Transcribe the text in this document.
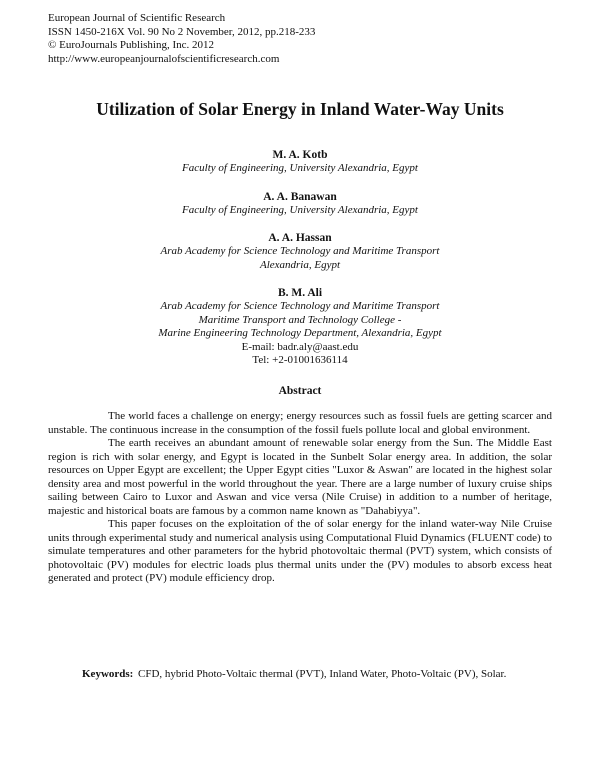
European Journal of Scientific Research
ISSN 1450-216X Vol. 90 No 2 November, 2012, pp.218-233
© EuroJournals Publishing, Inc. 2012
http://www.europeanjournalofscientificresearch.com
Utilization of Solar Energy in Inland Water-Way Units
M. A. Kotb
Faculty of Engineering, University Alexandria, Egypt
A. A. Banawan
Faculty of Engineering, University Alexandria, Egypt
A. A. Hassan
Arab Academy for Science Technology and Maritime Transport
Alexandria, Egypt
B. M. Ali
Arab Academy for Science Technology and Maritime Transport
Maritime Transport and Technology College -
Marine Engineering Technology Department, Alexandria, Egypt
E-mail: badr.aly@aast.edu
Tel: +2-01001636114
Abstract

The world faces a challenge on energy; energy resources such as fossil fuels are getting scarcer and unstable. The continuous increase in the consumption of the fossil fuels pollute local and global environment.

The earth receives an abundant amount of renewable solar energy from the Sun. The Middle East region is rich with solar energy, and Egypt is located in the Sunbelt Solar energy area. In addition, the solar resources on Upper Egypt are excellent; the Upper Egypt cities "Luxor & Aswan" are located in the highest solar density area and most powerful in the world throughout the year. There are a large number of luxury cruise ships sailing between Cairo to Luxor and Aswan and vice versa (Nile Cruise) in addition to a number of heritage, majestic and historical boats are famous by a common name known as "Dahabiyya".

This paper focuses on the exploitation of the of solar energy for the inland water-way Nile Cruise units through experimental study and numerical analysis using Computational Fluid Dynamics (FLUENT code) to simulate temperatures and other parameters for the hybrid photovoltaic thermal (PVT) system, which consists of photovoltaic (PV) modules for electric loads plus thermal units under the (PV) modules to absorb excess heat generated and protect (PV) module efficiency drop.

Keywords: CFD, hybrid Photo-Voltaic thermal (PVT), Inland Water, Photo-Voltaic (PV), Solar.
